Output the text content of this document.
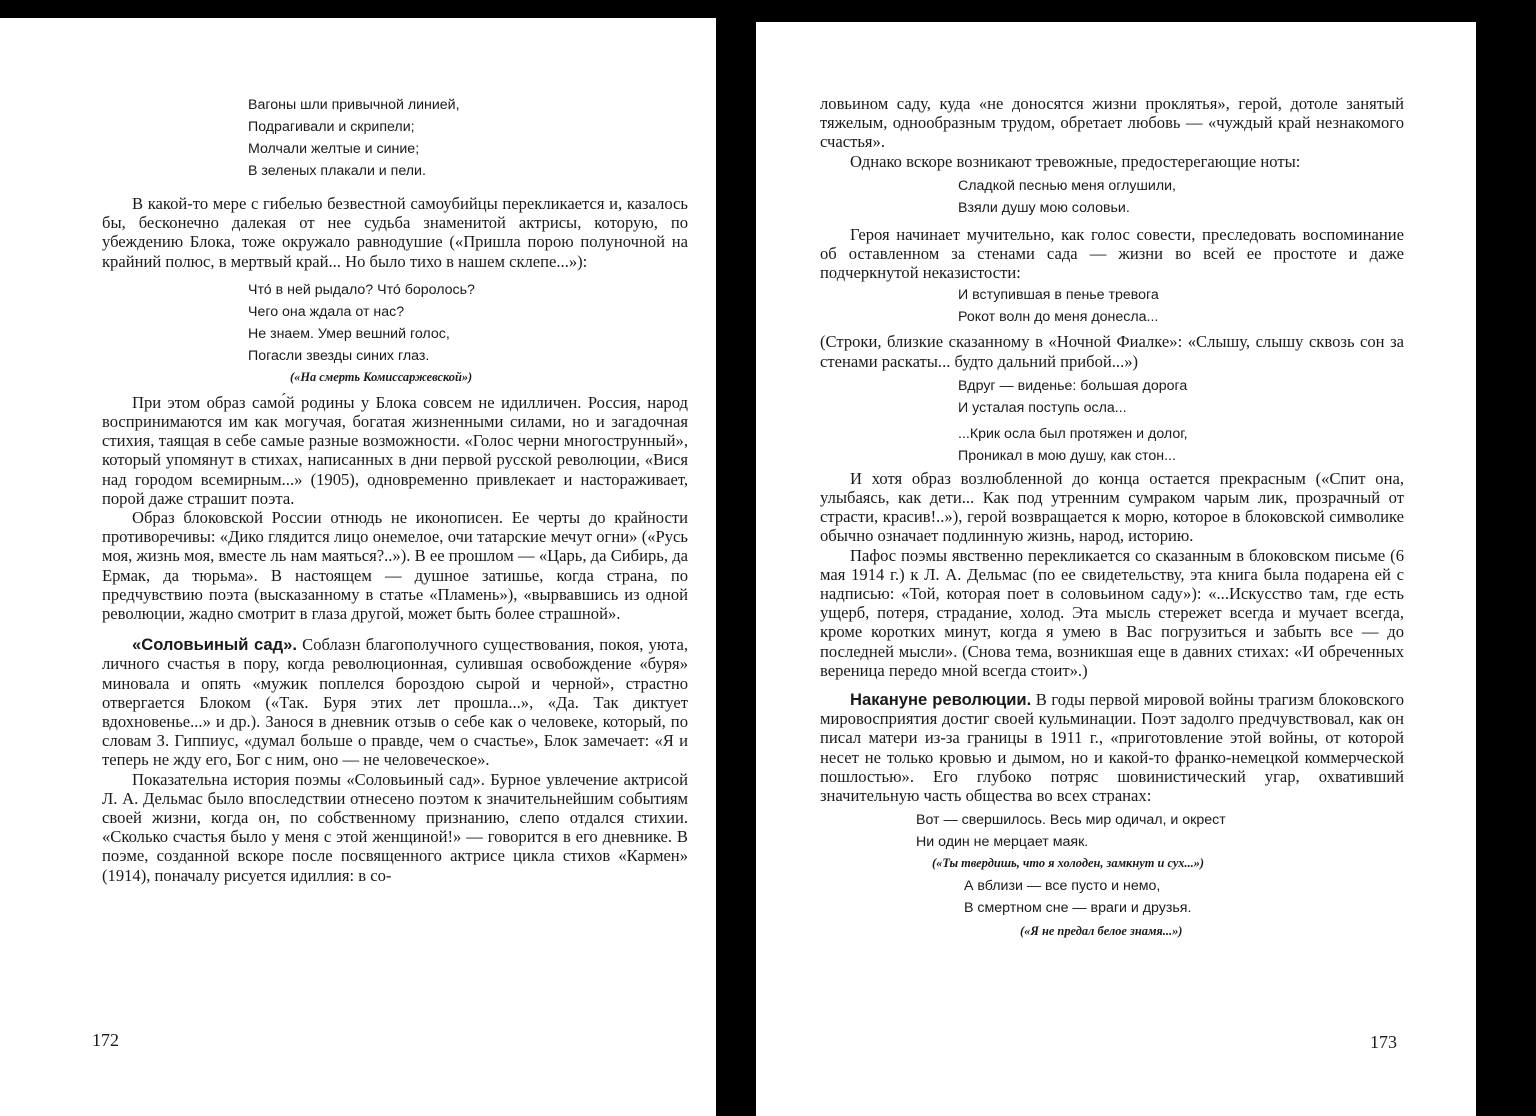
Вагоны шли привычной линией,
Подрагивали и скрипели;
Молчали желтые и синие;
В зеленых плакали и пели.

В какой-то мере с гибелью безвестной самоубийцы перекликается и, казалось бы, бесконечно далекая от нее судьба знаменитой актрисы, которую, по убеждению Блока, тоже окружало равнодушие («Пришла порою полуночной на крайний полюс, в мертвый край... Но было тихо в нашем склепе...»):

Что́ в ней рыдало? Что́ боролось?
Чего она ждала от нас?
Не знаем. Умер вешний голос,
Погасли звезды синих глаз.
(«На смерть Комиссаржевской»)

При этом образ само́й родины у Блока совсем не идилличен. Россия, народ воспринимаются им как могучая, богатая жизненными силами, но и загадочная стихия, таящая в себе самые разные возможности. «Голос черни многострунный», который упомянут в стихах, написанных в дни первой русской революции, «Вися над городом всемирным...» (1905), одновременно привлекает и настораживает, порой даже страшит поэта.

Образ блоковской России отнюдь не иконописен. Ее черты до крайности противоречивы: «Дико глядится лицо онемелое, очи татарские мечут огни» («Русь моя, жизнь моя, вместе ль нам маяться?..»). В ее прошлом — «Царь, да Сибирь, да Ермак, да тюрьма». В настоящем — душное затишье, когда страна, по предчувствию поэта (высказанному в статье «Пламень»), «вырвавшись из одной революции, жадно смотрит в глаза другой, может быть более страшной».

«Соловьиный сад». Соблазн благополучного существования, покоя, уюта, личного счастья в пору, когда революционная, сулившая освобождение «буря» миновала и опять «мужик поплелся бороздою сырой и черной», страстно отвергается Блоком («Так. Буря этих лет прошла...», «Да. Так диктует вдохновенье...» и др.). Занося в дневник отзыв о себе как о человеке, который, по словам З. Гиппиус, «думал больше о правде, чем о счастье», Блок замечает: «Я и теперь не жду его, Бог с ним, оно — не человеческое».

Показательна история поэмы «Соловьиный сад». Бурное увлечение актрисой Л. А. Дельмас было впоследствии отнесено поэтом к значительнейшим событиям своей жизни, когда он, по собственному признанию, слепо отдался стихии. «Сколько счастья было у меня с этой женщиной!» — говорится в его дневнике. В поэме, созданной вскоре после посвященного актрисе цикла стихов «Кармен» (1914), поначалу рисуется идиллия: в со-

172

ловьином саду, куда «не доносятся жизни проклятья», герой, дотоле занятый тяжелым, однообразным трудом, обретает любовь — «чуждый край незнакомого счастья».

Однако вскоре возникают тревожные, предостерегающие ноты:

Сладкой песнью меня оглушили,
Взяли душу мою соловьи.

Героя начинает мучительно, как голос совести, преследовать воспоминание об оставленном за стенами сада — жизни во всей ее простоте и даже подчеркнутой неказистости:

И вступившая в пенье тревога
Рокот волн до меня донесла...

(Строки, близкие сказанному в «Ночной Фиалке»: «Слышу, слышу сквозь сон за стенами раскаты... будто дальний прибой...»)

Вдруг — виденье: большая дорога
И усталая поступь осла...
...Крик осла был протяжен и долог,
Проникал в мою душу, как стон...

И хотя образ возлюбленной до конца остается прекрасным («Спит она, улыбаясь, как дети... Как под утренним сумраком чарым лик, прозрачный от страсти, красив!..»), герой возвращается к морю, которое в блоковской символике обычно означает подлинную жизнь, народ, историю.

Пафос поэмы явственно перекликается со сказанным в блоковском письме (6 мая 1914 г.) к Л. А. Дельмас (по ее свидетельству, эта книга была подарена ей с надписью: «Той, которая поет в соловьином саду»): «...Искусство там, где есть ущерб, потеря, страдание, холод. Эта мысль стережет всегда и мучает всегда, кроме коротких минут, когда я умею в Вас погрузиться и забыть все — до последней мысли». (Снова тема, возникшая еще в давних стихах: «И обреченных вереница передо мной всегда стоит».)

Накануне революции. В годы первой мировой войны трагизм блоковского мировосприятия достиг своей кульминации. Поэт задолго предчувствовал, как он писал матери из-за границы в 1911 г., «приготовление этой войны, от которой несет не только кровью и дымом, но и какой-то франко-немецкой коммерческой пошлостью». Его глубоко потряс шовинистический угар, охвативший значительную часть общества во всех странах:

Вот — свершилось. Весь мир одичал, и окрест
Ни один не мерцает маяк.
(«Ты твердишь, что я холоден, замкнут и сух...»)
А вблизи — все пусто и немо,
В смертном сне — враги и друзья.
(«Я не предал белое знамя...»)
173
